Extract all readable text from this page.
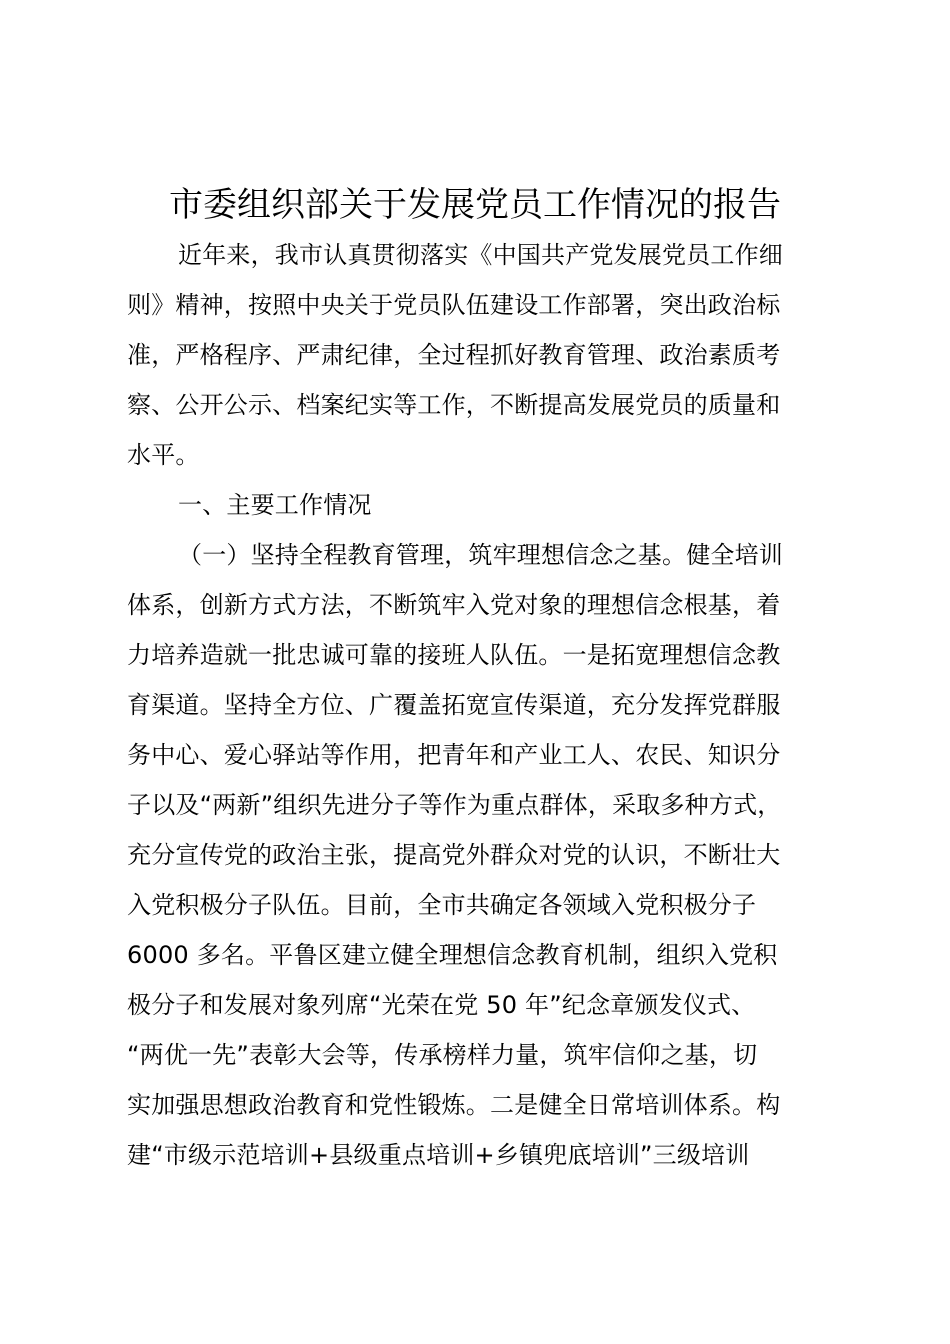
市委组织部关于发展党员工作情况的报告
近年来，我市认真贯彻落实《中国共产党发展党员工作细
则》精神，按照中央关于党员队伍建设工作部署，突出政治标
准，严格程序、严肃纪律，全过程抓好教育管理、政治素质考
察、公开公示、档案纪实等工作，不断提高发展党员的质量和
水平。
一、主要工作情况
（一）坚持全程教育管理，筑牢理想信念之基。健全培训
体系，创新方式方法，不断筑牢入党对象的理想信念根基，着
力培养造就一批忠诚可靠的接班人队伍。一是拓宽理想信念教
育渠道。坚持全方位、广覆盖拓宽宣传渠道，充分发挥党群服
务中心、爱心驿站等作用，把青年和产业工人、农民、知识分
子以及“两新”组织先进分子等作为重点群体，采取多种方式，
充分宣传党的政治主张，提高党外群众对党的认识，不断壮大
入党积极分子队伍。目前，全市共确定各领域入党积极分子
6000 多名。平鲁区建立健全理想信念教育机制，组织入党积
极分子和发展对象列席“光荣在党 50 年”纪念章颁发仪式、
“两优一先”表彰大会等，传承榜样力量，筑牢信仰之基，切
实加强思想政治教育和党性锻炼。二是健全日常培训体系。构
建“市级示范培训+县级重点培训+乡镇兜底培训”三级培训
